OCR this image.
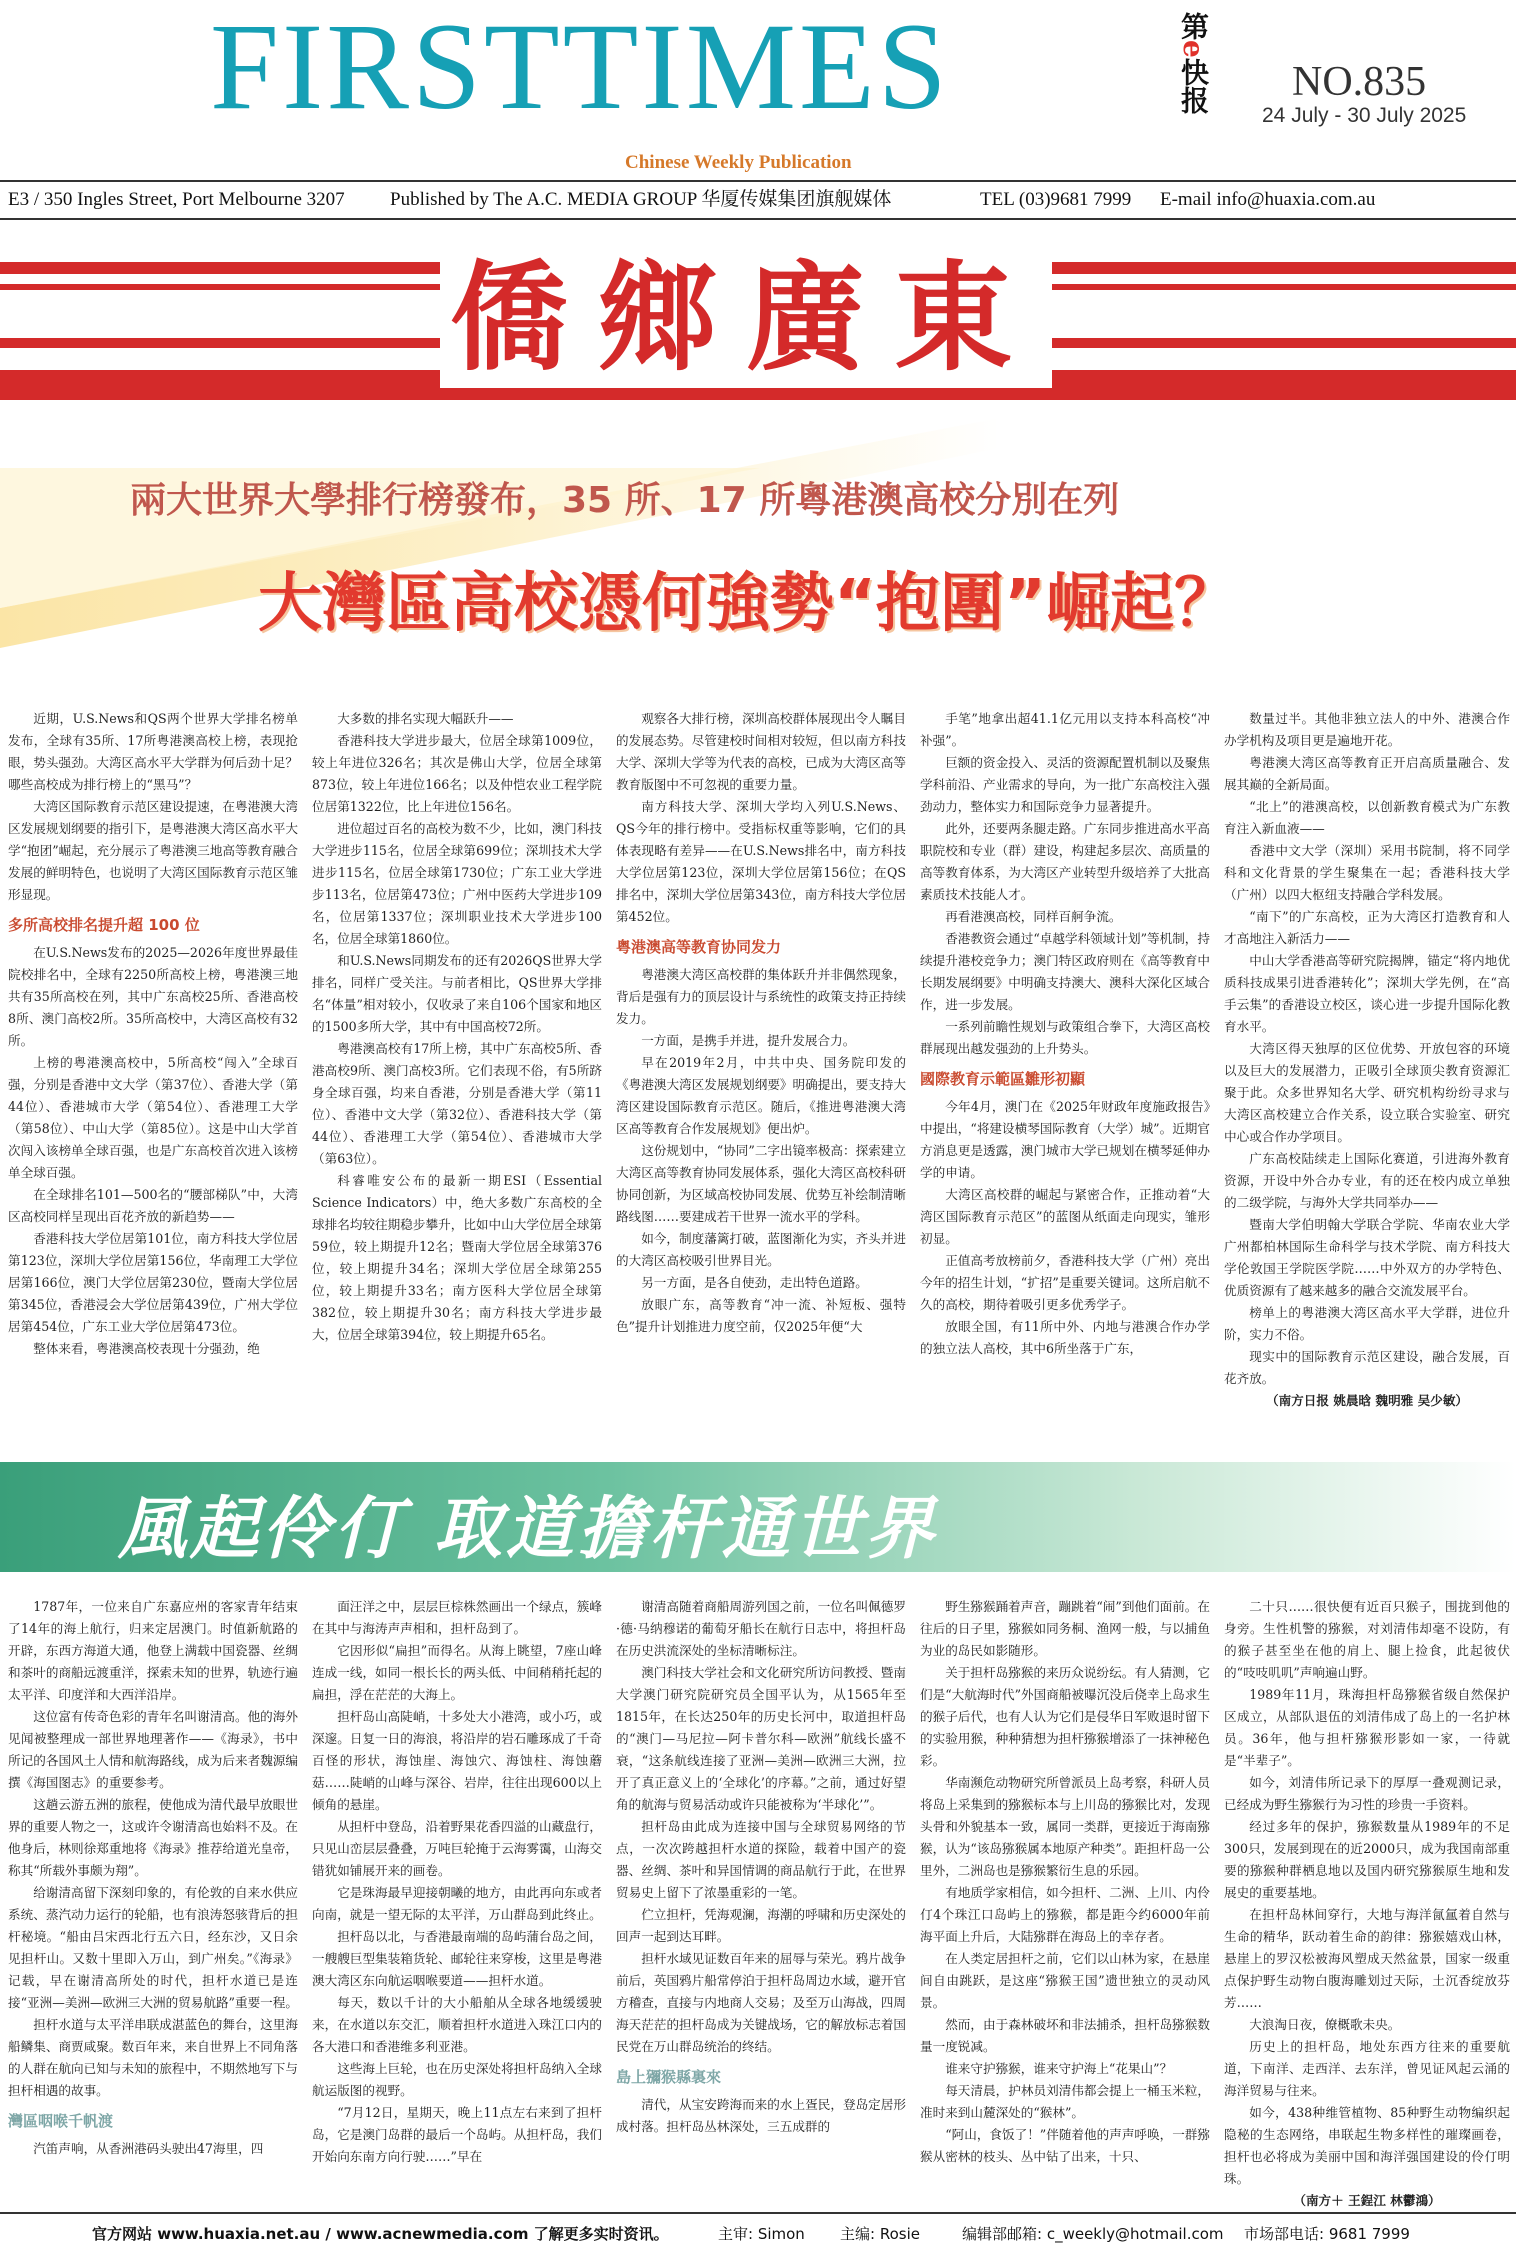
FIRSTTIMES
Chinese Weekly Publication
第e快报 NO.835
24 July - 30 July 2025
E3 / 350 Ingles Street, Port Melbourne 3207 Published by The A.C. MEDIA GROUP 华厦传媒集团旗舰媒体	TEL (03)9681 7999 E-mail info@huaxia.com.au
僑鄉廣東
兩大世界大學排行榜發布，35 所、17 所粵港澳高校分別在列
大灣區高校憑何強勢“抱團”崛起？

近期，U.S.News和QS两个世界大学排名榜单发布，全球有35所、17所粤港澳高校上榜，表现抢眼，势头强劲。大湾区高水平大学群为何后劲十足？哪些高校成为排行榜上的“黑马”？

大湾区国际教育示范区建设提速，在粤港澳大湾区发展规划纲要的指引下，是粤港澳大湾区高水平大学“抱团”崛起，充分展示了粤港澳三地高等教育融合发展的鲜明特色，也说明了大湾区国际教育示范区雏形显现。

多所高校排名提升超 100 位

在U.S.News发布的2025—2026年度世界最佳院校排名中，全球有2250所高校上榜，粤港澳三地共有35所高校在列，其中广东高校25所、香港高校8所、澳门高校2所。35所高校中，大湾区高校有32所。

上榜的粤港澳高校中，5所高校“闯入”全球百强，分别是香港中文大学（第37位）、香港大学（第44位）、香港城市大学（第54位）、香港理工大学（第58位）、中山大学（第85位）。这是中山大学首次闯入该榜单全球百强，也是广东高校首次进入该榜单全球百强。

在全球排名101—500名的“腰部梯队”中，大湾区高校同样呈现出百花齐放的新趋势——

香港科技大学位居第101位，南方科技大学位居第123位，深圳大学位居第156位，华南理工大学位居第166位，澳门大学位居第230位，暨南大学位居第345位，香港浸会大学位居第439位，广州大学位居第454位，广东工业大学位居第473位。

整体来看，粤港澳高校表现十分强劲，绝

大多数的排名实现大幅跃升——

香港科技大学进步最大，位居全球第1009位，较上年进位326名；其次是佛山大学，位居全球第873位，较上年进位166名；以及仲恺农业工程学院位居第1322位，比上年进位156名。

进位超过百名的高校为数不少，比如，澳门科技大学进步115名，位居全球第699位；深圳技术大学进步115名，位居全球第1730位；广东工业大学进步113名，位居第473位；广州中医药大学进步109名，位居第1337位；深圳职业技术大学进步100名，位居全球第1860位。

和U.S.News同期发布的还有2026QS世界大学排名，同样广受关注。与前者相比，QS世界大学排名“体量”相对较小，仅收录了来自106个国家和地区的1500多所大学，其中有中国高校72所。

粤港澳高校有17所上榜，其中广东高校5所、香港高校9所、澳门高校3所。它们表现不俗，有5所跻身全球百强，均来自香港，分别是香港大学（第11位）、香港中文大学（第32位）、香港科技大学（第44位）、香港理工大学（第54位）、香港城市大学（第63位）。

科睿唯安公布的最新一期ESI（Essential Science Indicators）中，绝大多数广东高校的全球排名均较往期稳步攀升，比如中山大学位居全球第59位，较上期提升12名；暨南大学位居全球第376位，较上期提升34名；深圳大学位居全球第255位，较上期提升33名；南方医科大学位居全球第382位，较上期提升30名；南方科技大学进步最大，位居全球第394位，较上期提升65名。

观察各大排行榜，深圳高校群体展现出令人瞩目的发展态势。尽管建校时间相对较短，但以南方科技大学、深圳大学等为代表的高校，已成为大湾区高等教育版图中不可忽视的重要力量。

南方科技大学、深圳大学均入列U.S.News、QS今年的排行榜中。受指标权重等影响，它们的具体表现略有差异——在U.S.News排名中，南方科技大学位居第123位，深圳大学位居第156位；在QS排名中，深圳大学位居第343位，南方科技大学位居第452位。

粤港澳高等教育协同发力

粤港澳大湾区高校群的集体跃升并非偶然现象，背后是强有力的顶层设计与系统性的政策支持正持续发力。

一方面，是携手并进，提升发展合力。

早在2019年2月，中共中央、国务院印发的《粤港澳大湾区发展规划纲要》明确提出，要支持大湾区建设国际教育示范区。随后，《推进粤港澳大湾区高等教育合作发展规划》便出炉。

这份规划中，“协同”二字出镜率极高：探索建立大湾区高等教育协同发展体系，强化大湾区高校科研协同创新，为区域高校协同发展、优势互补绘制清晰路线图……要建成若干世界一流水平的学科。

如今，制度藩篱打破，蓝图渐化为实，齐头并进的大湾区高校吸引世界目光。

另一方面，是各自使劲，走出特色道路。

放眼广东，高等教育“冲一流、补短板、强特色”提升计划推进力度空前，仅2025年便“大

手笔”地拿出超41.1亿元用以支持本科高校“冲补强”。

巨额的资金投入、灵活的资源配置机制以及聚焦学科前沿、产业需求的导向，为一批广东高校注入强劲动力，整体实力和国际竞争力显著提升。

此外，还要两条腿走路。广东同步推进高水平高职院校和专业（群）建设，构建起多层次、高质量的高等教育体系，为大湾区产业转型升级培养了大批高素质技术技能人才。

再看港澳高校，同样百舸争流。

香港教资会通过“卓越学科领域计划”等机制，持续提升港校竞争力；澳门特区政府则在《高等教育中长期发展纲要》中明确支持澳大、澳科大深化区域合作，进一步发展。

一系列前瞻性规划与政策组合拳下，大湾区高校群展现出越发强劲的上升势头。

國際教育示範區雛形初顯

今年4月，澳门在《2025年财政年度施政报告》中提出，“将建设横琴国际教育（大学）城”。近期官方消息更是透露，澳门城市大学已规划在横琴延伸办学的申请。

大湾区高校群的崛起与紧密合作，正推动着“大湾区国际教育示范区”的蓝图从纸面走向现实，雏形初显。

正值高考放榜前夕，香港科技大学（广州）亮出今年的招生计划，“扩招”是重要关键词。这所启航不久的高校，期待着吸引更多优秀学子。

放眼全国，有11所中外、内地与港澳合作办学的独立法人高校，其中6所坐落于广东，

数量过半。其他非独立法人的中外、港澳合作办学机构及项目更是遍地开花。

粤港澳大湾区高等教育正开启高质量融合、发展其巅的全新局面。

“北上”的港澳高校，以创新教育模式为广东教育注入新血液——

香港中文大学（深圳）采用书院制，将不同学科和文化背景的学生聚集在一起；香港科技大学（广州）以四大枢纽支持融合学科发展。

“南下”的广东高校，正为大湾区打造教育和人才高地注入新活力——

中山大学香港高等研究院揭牌，锚定“将内地优质科技成果引进香港转化”；深圳大学先例，在“高手云集”的香港设立校区，谈心进一步提升国际化教育水平。

大湾区得天独厚的区位优势、开放包容的环境以及巨大的发展潜力，正吸引全球顶尖教育资源汇聚于此。众多世界知名大学、研究机构纷纷寻求与大湾区高校建立合作关系，设立联合实验室、研究中心或合作办学项目。

广东高校陆续走上国际化赛道，引进海外教育资源，开设中外合办专业，有的还在校内成立单独的二级学院，与海外大学共同举办——

暨南大学伯明翰大学联合学院、华南农业大学广州都柏林国际生命科学与技术学院、南方科技大学伦敦国王学院医学院……中外双方的办学特色、优质资源有了越来越多的融合交流发展平台。

榜单上的粤港澳大湾区高水平大学群，进位升阶，实力不俗。

现实中的国际教育示范区建设，融合发展，百花齐放。

（南方日报 姚晨晗 魏明雅 吴少敏）

風起伶仃 取道擔杆通世界

1787年，一位来自广东嘉应州的客家青年结束了14年的海上航行，归来定居澳门。时值新航路的开辟，东西方海道大通，他登上满载中国瓷器、丝绸和茶叶的商船远渡重洋，探索未知的世界，轨迹行遍太平洋、印度洋和大西洋沿岸。

这位富有传奇色彩的青年名叫谢清高。他的海外见闻被整理成一部世界地理著作——《海录》，书中所记的各国风土人情和航海路线，成为后来者魏源编撰《海国图志》的重要参考。

这趟云游五洲的旅程，使他成为清代最早放眼世界的重要人物之一，这或许令谢清高也始料不及。在他身后，林则徐郑重地将《海录》推荐给道光皇帝，称其“所载外事颇为翔”。

给谢清高留下深刻印象的，有伦敦的自来水供应系统、蒸汽动力运行的轮船，也有浪涛怒骇背后的担杆秘境。“船由吕宋西北行五六日，经东沙，又日余见担杆山。又数十里即入万山，到广州矣。”《海录》记载，早在谢清高所处的时代，担杆水道已是连接“亚洲—美洲—欧洲三大洲的贸易航路”重要一程。

担杆水道与太平洋串联成湛蓝色的舞台，这里海船鳞集、商贾咸聚。数百年来，来自世界上不同角落的人群在航向已知与未知的旅程中，不期然地写下与担杆相遇的故事。

灣區咽喉千帆渡

汽笛声响，从香洲港码头驶出47海里，四

面汪洋之中，层层巨棕株然画出一个绿点，簇峰在其中与海涛声声相和，担杆岛到了。

它因形似“扁担”而得名。从海上眺望，7座山峰连成一线，如同一根长长的两头低、中间稍稍托起的扁担，浮在茫茫的大海上。

担杆岛山高陡峭，十多处大小港湾，或小巧，或深邃。日复一日的海浪，将沿岸的岩石雕琢成了千奇百怪的形状，海蚀崖、海蚀穴、海蚀柱、海蚀蘑菇……陡峭的山峰与深谷、岩岸，往往出现600以上倾角的悬崖。

从担杆中登岛，沿着野果花香四溢的山藏盘行，只见山峦层层叠叠，万吨巨轮掩于云海雾霭，山海交错犹如铺展开来的画卷。

它是珠海最早迎接朝曦的地方，由此再向东或者向南，就是一望无际的太平洋，万山群岛到此终止。

担杆岛以北，与香港最南端的岛屿蒲台岛之间，一艘艘巨型集装箱货轮、邮轮往来穿梭，这里是粤港澳大湾区东向航运咽喉要道——担杆水道。

每天，数以千计的大小船舶从全球各地缓缓驶来，在水道以东交汇，顺着担杆水道进入珠江口内的各大港口和香港维多利亚港。

这些海上巨轮，也在历史深处将担杆岛纳入全球航运版图的视野。

“7月12日，星期天，晚上11点左右来到了担杆岛，它是澳门岛群的最后一个岛屿。从担杆岛，我们开始向东南方向行驶……”早在

谢清高随着商船周游列国之前，一位名叫佩德罗·德·马纳穆诺的葡萄牙船长在航行日志中，将担杆岛在历史洪流深处的坐标清晰标注。

澳门科技大学社会和文化研究所访问教授、暨南大学澳门研究院研究员全国平认为，从1565年至1815年，在长达250年的历史长河中，取道担杆岛的“澳门—马尼拉—阿卡普尔科—欧洲”航线长盛不衰，“这条航线连接了亚洲—美洲—欧洲三大洲，拉开了真正意义上的‘全球化’的序幕。”之前，通过好望角的航海与贸易活动或许只能被称为‘半球化’”。

担杆岛由此成为连接中国与全球贸易网络的节点，一次次跨越担杆水道的探险，载着中国产的瓷器、丝绸、茶叶和异国情调的商品航行于此，在世界贸易史上留下了浓墨重彩的一笔。

伫立担杆，凭海观澜，海潮的呼啸和历史深处的回声一起到达耳畔。

担杆水域见证数百年来的屈辱与荣光。鸦片战争前后，英国鸦片船常停泊于担杆岛周边水域，避开官方稽查，直接与内地商人交易；及至万山海战，四周海天茫茫的担杆岛成为关键战场，它的解放标志着国民党在万山群岛统治的终结。

島上獼猴縣裏來

清代，从宝安跨海而来的水上疍民，登岛定居形成村落。担杆岛丛林深处，三五成群的

野生猕猴踊着声音，蹦跳着“闹”到他们面前。在往后的日子里，猕猴如同务桐、渔网一般，与以捕鱼为业的岛民如影随形。

关于担杆岛猕猴的来历众说纷纭。有人猜测，它们是“大航海时代”外国商船被曝沉没后侥幸上岛求生的猴子后代，也有人认为它们是侵华日军败退时留下的实验用猴，种种猜想为担杆猕猴增添了一抹神秘色彩。

华南濒危动物研究所曾派员上岛考察，科研人员将岛上采集到的猕猴标本与上川岛的猕猴比对，发现头骨和外貌基本一致，属同一类群，更接近于海南猕猴，认为“该岛猕猴属本地原产种类”。距担杆岛一公里外，二洲岛也是猕猴繁衍生息的乐园。

有地质学家相信，如今担杆、二洲、上川、内伶仃4个珠江口岛屿上的猕猴，都是距今约6000年前海平面上升后，大陆猕群在海岛上的幸存者。

在人类定居担杆之前，它们以山林为家，在悬崖间自由跳跃，是这座“猕猴王国”遗世独立的灵动风景。

然而，由于森林破坏和非法捕杀，担杆岛猕猴数量一度锐减。

谁来守护猕猴，谁来守护海上“花果山”？

每天清晨，护林员刘清伟都会提上一桶玉米粒，准时来到山麓深处的“猴林”。

“阿山，食饭了！”伴随着他的声声呼唤，一群猕猴从密林的枝头、丛中钻了出来，十只、

二十只……很快便有近百只猴子，围拢到他的身旁。生性机警的猕猴，对刘清伟却毫不设防，有的猴子甚至坐在他的肩上、腿上捡食，此起彼伏的“吱吱叽叽”声响遍山野。

1989年11月，珠海担杆岛猕猴省级自然保护区成立，从部队退伍的刘清伟成了岛上的一名护林员。36年，他与担杆猕猴形影如一家，一待就是“半辈子”。

如今，刘清伟所记录下的厚厚一叠观测记录，已经成为野生猕猴行为习性的珍贵一手资料。

经过多年的保护，猕猴数量从1989年的不足300只，发展到现在的近2000只，成为我国南部重要的猕猴种群栖息地以及国内研究猕猴原生地和发展史的重要基地。

在担杆岛林间穿行，大地与海洋氤氲着自然与生命的精华，跃动着生命的韵律：猕猴嬉戏山林，悬崖上的罗汉松被海风塑成天然盆景，国家一级重点保护野生动物白腹海雕划过天际，土沉香绽放芬芳……

大浪淘日夜，僚概歌未央。

历史上的担杆岛，地处东西方往来的重要航道，下南洋、走西洋、去东洋，曾见证风起云涌的海洋贸易与往来。

如今，438种维管植物、85种野生动物编织起隐秘的生态网络，串联起生物多样性的璀璨画卷，担杆也必将成为美丽中国和海洋强国建设的伶仃明珠。

（南方＋ 王鋥江 林鬱鴻）

官方网站 www.huaxia.net.au / www.acnewmedia.com 了解更多实时资讯。	主审: Simon 主编: Rosie	编辑部邮箱: c_weekly@hotmail.com 市场部电话: 9681 7999
